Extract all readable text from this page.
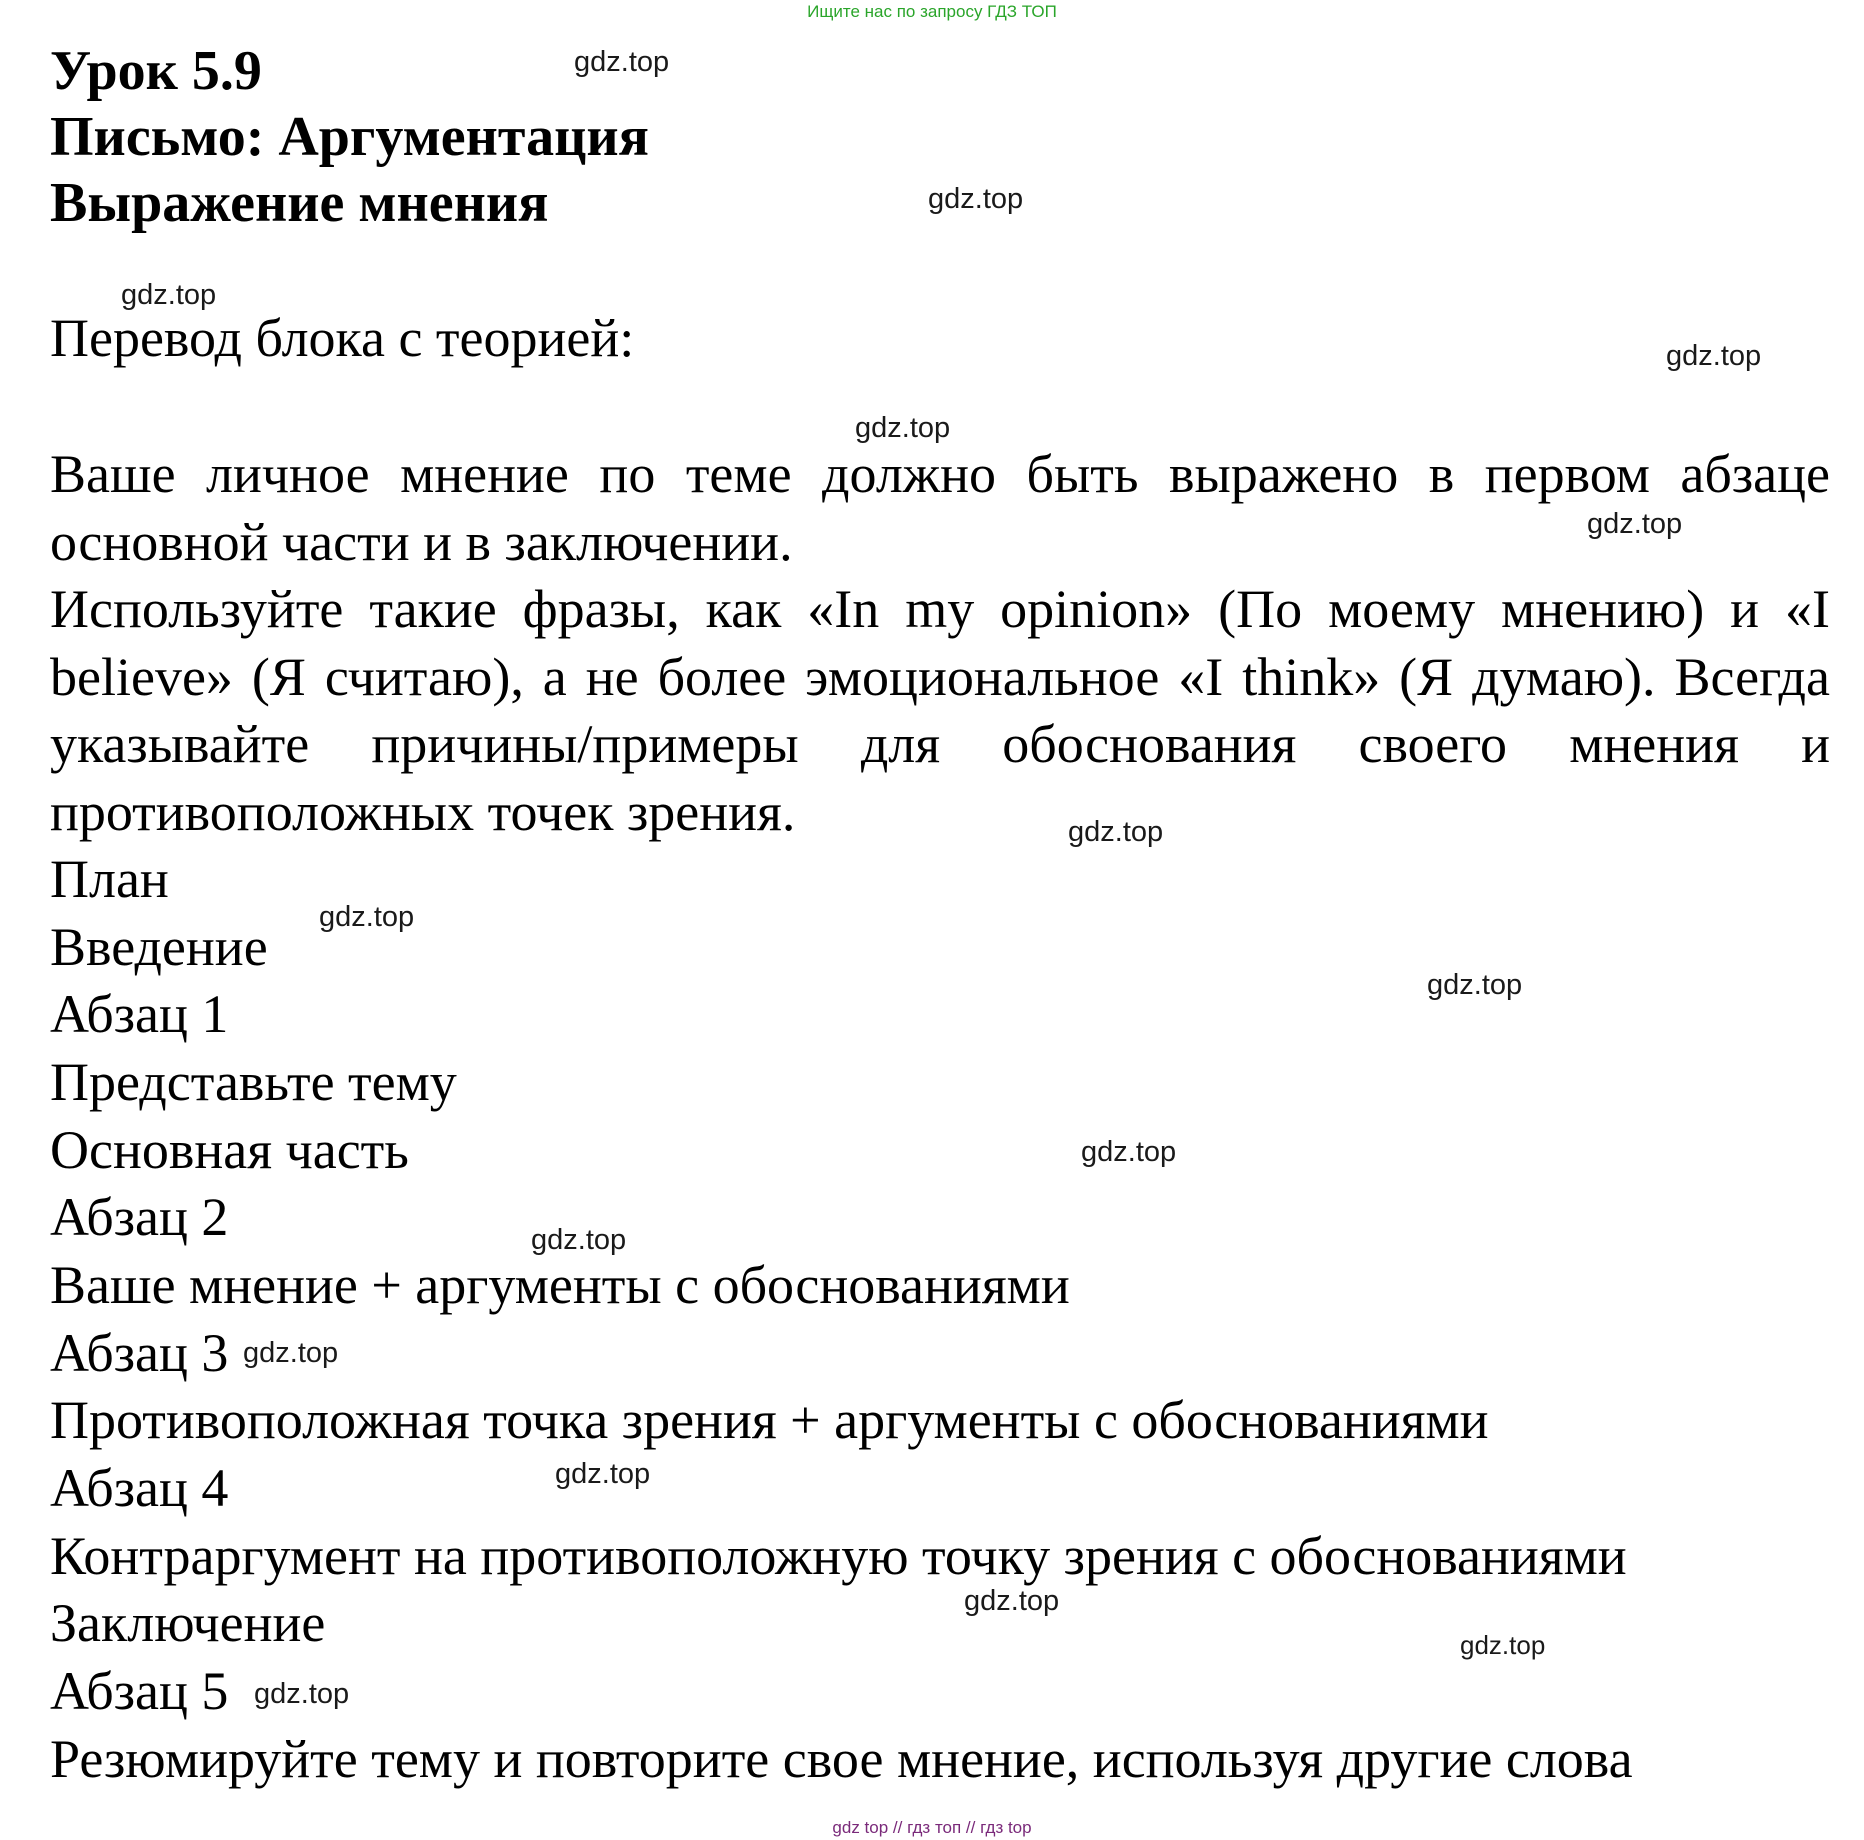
Ищите нас по запросу ГДЗ ТОП
Урок 5.9
Письмо: Аргументация
Выражение мнения
Перевод блока с теорией:
Ваше личное мнение по теме должно быть выражено в первом абзаце основной части и в заключении.
Используйте такие фразы, как «In my opinion» (По моему мнению) и «I believe» (Я считаю), а не более эмоциональное «I think» (Я думаю). Всегда указывайте причины/примеры для обоснования своего мнения и противоположных точек зрения.
План
Введение
Абзац 1
Представьте тему
Основная часть
Абзац 2
Ваше мнение + аргументы с обоснованиями
Абзац 3
Противоположная точка зрения + аргументы с обоснованиями
Абзац 4
Контраргумент на противоположную точку зрения с обоснованиями
Заключение
Абзац 5
Резюмируйте тему и повторите свое мнение, используя другие слова
gdz.top
gdz.top
gdz.top
gdz.top
gdz.top
gdz.top
gdz.top
gdz.top
gdz.top
gdz.top
gdz.top
gdz.top
gdz.top
gdz.top
gdz.top
gdz.top
gdz top // гдз топ // гдз top
